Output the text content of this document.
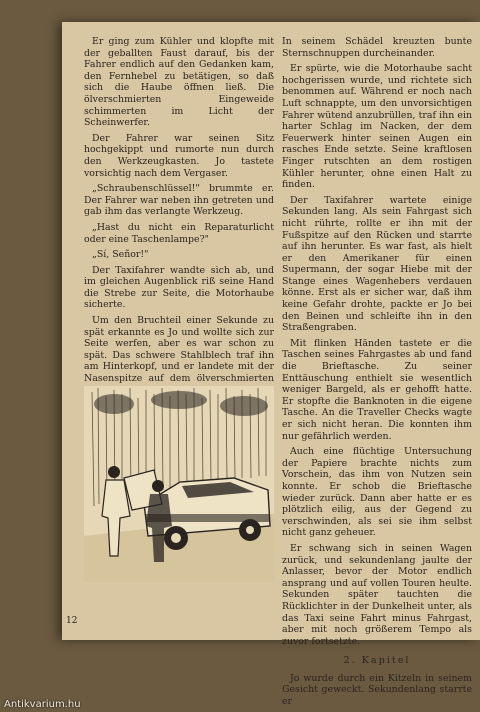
Er ging zum Kühler und klopfte mit der geballten Faust darauf, bis der Fahrer endlich auf den Gedanken kam, den Fernhebel zu betätigen, so daß sich die Haube öffnen ließ. Die ölverschmierten Eingeweide schimmerten im Licht der Scheinwerfer.

Der Fahrer war seinen Sitz hochgekippt und rumorte nun durch den Werkzeugkasten. Jo tastete vorsichtig nach dem Vergaser.

„Schraubenschlüssel!" brummte er. Der Fahrer war neben ihn getreten und gab ihm das verlangte Werkzeug.

„Hast du nicht ein Reparaturlicht oder eine Taschenlampe?"

„Sí, Señor!"

Der Taxifahrer wandte sich ab, und im gleichen Augenblick riß seine Hand die Strebe zur Seite, die Motorhaube sicherte.

Um den Bruchteil einer Sekunde zu spät erkannte es Jo und wollte sich zur Seite werfen, aber es war schon zu spät. Das schwere Stahlblech traf ihn am Hinterkopf, und er landete mit der Nasenspitze auf dem ölverschmierten

In seinem Schädel kreuzten bunte Sternschnuppen durcheinander.

Er spürte, wie die Motorhaube sacht hochgerissen wurde, und richtete sich benommen auf. Während er noch nach Luft schnappte, um den unvorsichtigen Fahrer wütend anzubrüllen, traf ihn ein harter Schlag im Nacken, der dem Feuerwerk hinter seinen Augen ein rasches Ende setzte. Seine kraftlosen Finger rutschten an dem rostigen Kühler herunter, ohne einen Halt zu finden.

Der Taxifahrer wartete einige Sekunden lang. Als sein Fahrgast sich nicht rührte, rollte er ihn mit der Fußspitze auf den Rücken und starrte auf ihn herunter. Es war fast, als hielt er den Amerikaner für einen Supermann, der sogar Hiebe mit der Stange eines Wagenhebers verdauen könne. Erst als er sicher war, daß ihm keine Gefahr drohte, packte er Jo bei den Beinen und schleifte ihn in den Straßengraben.

Mit flinken Händen tastete er die Taschen seines Fahrgastes ab und fand die Brieftasche. Zu seiner Enttäuschung enthielt sie wesentlich weniger Bargeld, als er gehofft hatte. Er stopfte die Banknoten in die eigene Tasche. An die Traveller Checks wagte er sich nicht heran. Die konnten ihm nur gefährlich werden.

Auch eine flüchtige Untersuchung der Papiere brachte nichts zum Vorschein, das ihm von Nutzen sein konnte. Er schob die Brieftasche wieder zurück. Dann aber hatte er es plötzlich eilig, aus der Gegend zu verschwinden, als sei sie ihm selbst nicht ganz geheuer.

Er schwang sich in seinen Wagen zurück, und sekundenlang jaulte der Anlasser, bevor der Motor endlich ansprang und auf vollen Touren heulte. Sekunden später tauchten die Rücklichter in der Dunkelheit unter, als das Taxi seine Fahrt minus Fahrgast, aber mit noch größerem Tempo als zuvor fortsetzte.

2. Kapitel

Jo wurde durch ein Kitzeln in seinem Gesicht geweckt. Sekundenlang starrte er

12
Antikvarium.hu
